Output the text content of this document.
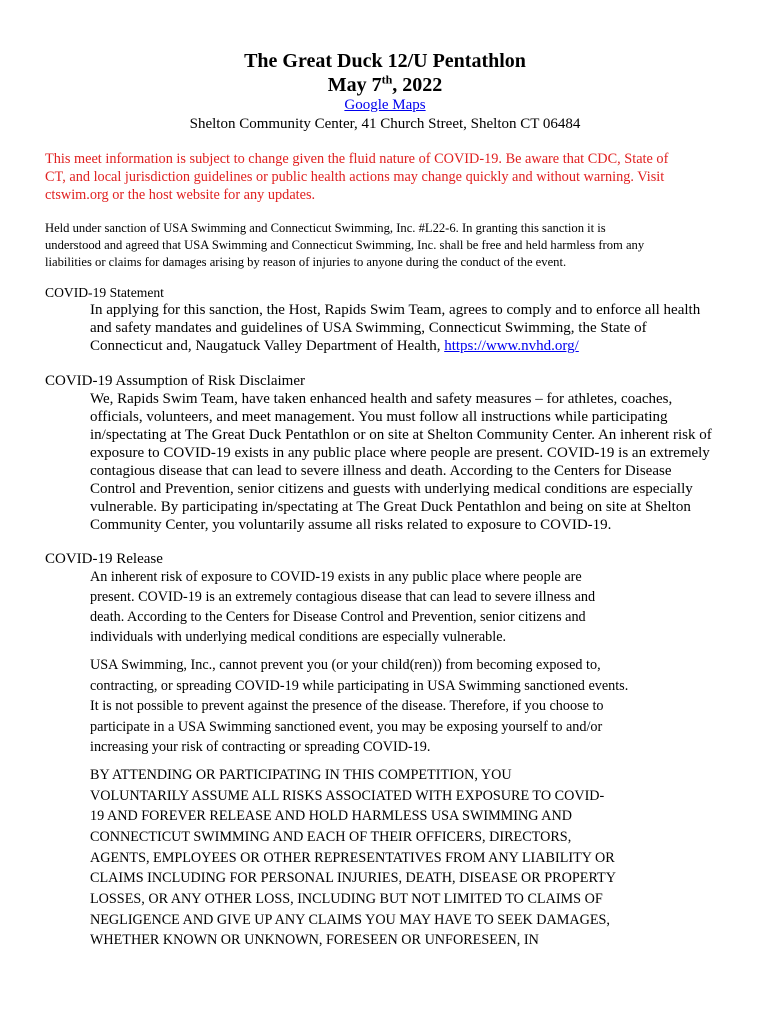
The Great Duck 12/U Pentathlon
May 7th, 2022
Google Maps
Shelton Community Center, 41 Church Street, Shelton CT 06484
This meet information is subject to change given the fluid nature of COVID-19. Be aware that CDC, State of
CT, and local jurisdiction guidelines or public health actions may change quickly and without warning. Visit
ctswim.org or the host website for any updates.
Held under sanction of USA Swimming and Connecticut Swimming, Inc. #L22-6. In granting this sanction it is
understood and agreed that USA Swimming and Connecticut Swimming, Inc. shall be free and held harmless from any
liabilities or claims for damages arising by reason of injuries to anyone during the conduct of the event.
COVID-19 Statement
In applying for this sanction, the Host, Rapids Swim Team, agrees to comply and to enforce all health
and safety mandates and guidelines of USA Swimming, Connecticut Swimming, the State of
Connecticut and, Naugatuck Valley Department of Health, https://www.nvhd.org/
COVID-19 Assumption of Risk Disclaimer
We, Rapids Swim Team, have taken enhanced health and safety measures – for athletes, coaches,
officials, volunteers, and meet management. You must follow all instructions while participating
in/spectating at The Great Duck Pentathlon or on site at Shelton Community Center. An inherent risk of
exposure to COVID-19 exists in any public place where people are present. COVID-19 is an extremely
contagious disease that can lead to severe illness and death. According to the Centers for Disease
Control and Prevention, senior citizens and guests with underlying medical conditions are especially
vulnerable. By participating in/spectating at The Great Duck Pentathlon and being on site at Shelton
Community Center, you voluntarily assume all risks related to exposure to COVID-19.
COVID-19 Release
An inherent risk of exposure to COVID-19 exists in any public place where people are
present. COVID-19 is an extremely contagious disease that can lead to severe illness and
death. According to the Centers for Disease Control and Prevention, senior citizens and
individuals with underlying medical conditions are especially vulnerable.
USA Swimming, Inc., cannot prevent you (or your child(ren)) from becoming exposed to,
contracting, or spreading COVID-19 while participating in USA Swimming sanctioned events.
It is not possible to prevent against the presence of the disease. Therefore, if you choose to
participate in a USA Swimming sanctioned event, you may be exposing yourself to and/or
increasing your risk of contracting or spreading COVID-19.
BY ATTENDING OR PARTICIPATING IN THIS COMPETITION, YOU
VOLUNTARILY ASSUME ALL RISKS ASSOCIATED WITH EXPOSURE TO COVID-
19 AND FOREVER RELEASE AND HOLD HARMLESS USA SWIMMING AND
CONNECTICUT SWIMMING AND EACH OF THEIR OFFICERS, DIRECTORS,
AGENTS, EMPLOYEES OR OTHER REPRESENTATIVES FROM ANY LIABILITY OR
CLAIMS INCLUDING FOR PERSONAL INJURIES, DEATH, DISEASE OR PROPERTY
LOSSES, OR ANY OTHER LOSS, INCLUDING BUT NOT LIMITED TO CLAIMS OF
NEGLIGENCE AND GIVE UP ANY CLAIMS YOU MAY HAVE TO SEEK DAMAGES,
WHETHER KNOWN OR UNKNOWN, FORESEEN OR UNFORESEEN, IN
